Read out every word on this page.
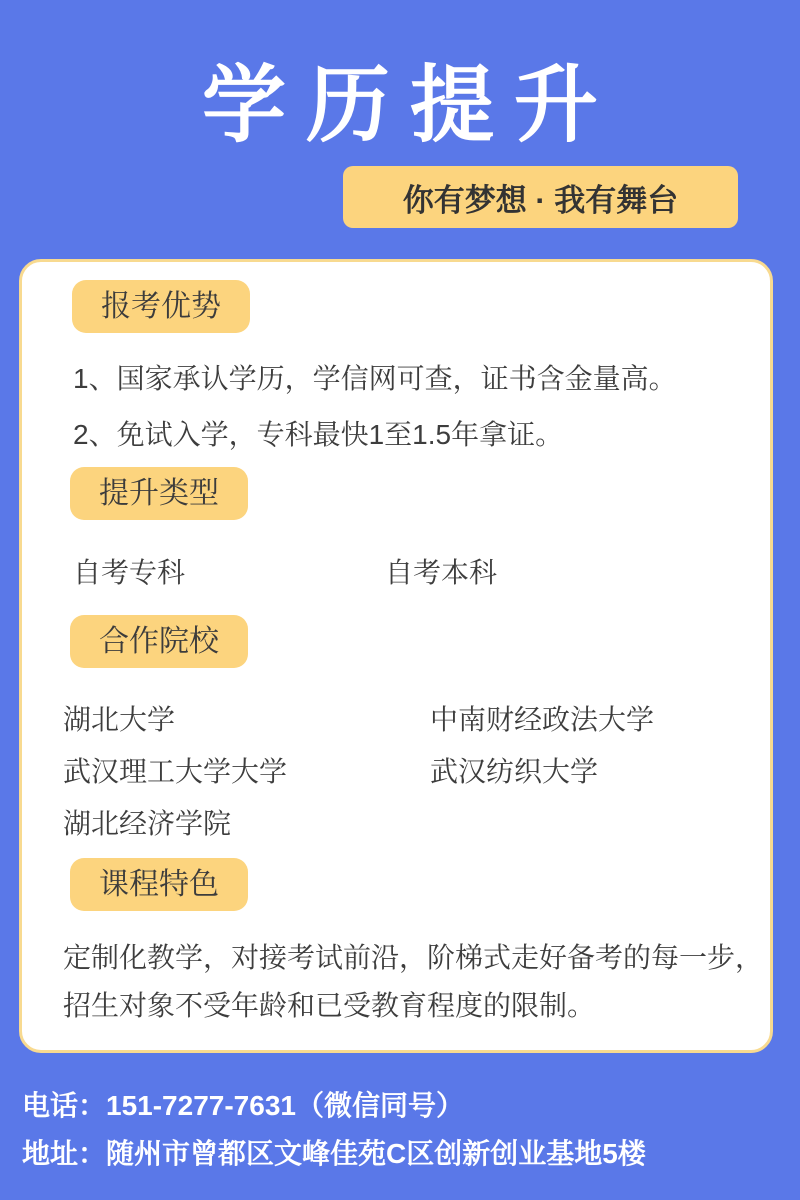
学历提升
你有梦想 · 我有舞台
报考优势
1、国家承认学历，学信网可查，证书含金量高。
2、免试入学，专科最快1至1.5年拿证。
提升类型
自考专科	自考本科
合作院校
湖北大学	中南财经政法大学
武汉理工大学大学	武汉纺织大学
湖北经济学院
课程特色
定制化教学，对接考试前沿，阶梯式走好备考的每一步，
招生对象不受年龄和已受教育程度的限制。
电话：151-7277-7631（微信同号）
地址：随州市曾都区文峰佳苑C区创新创业基地5楼
